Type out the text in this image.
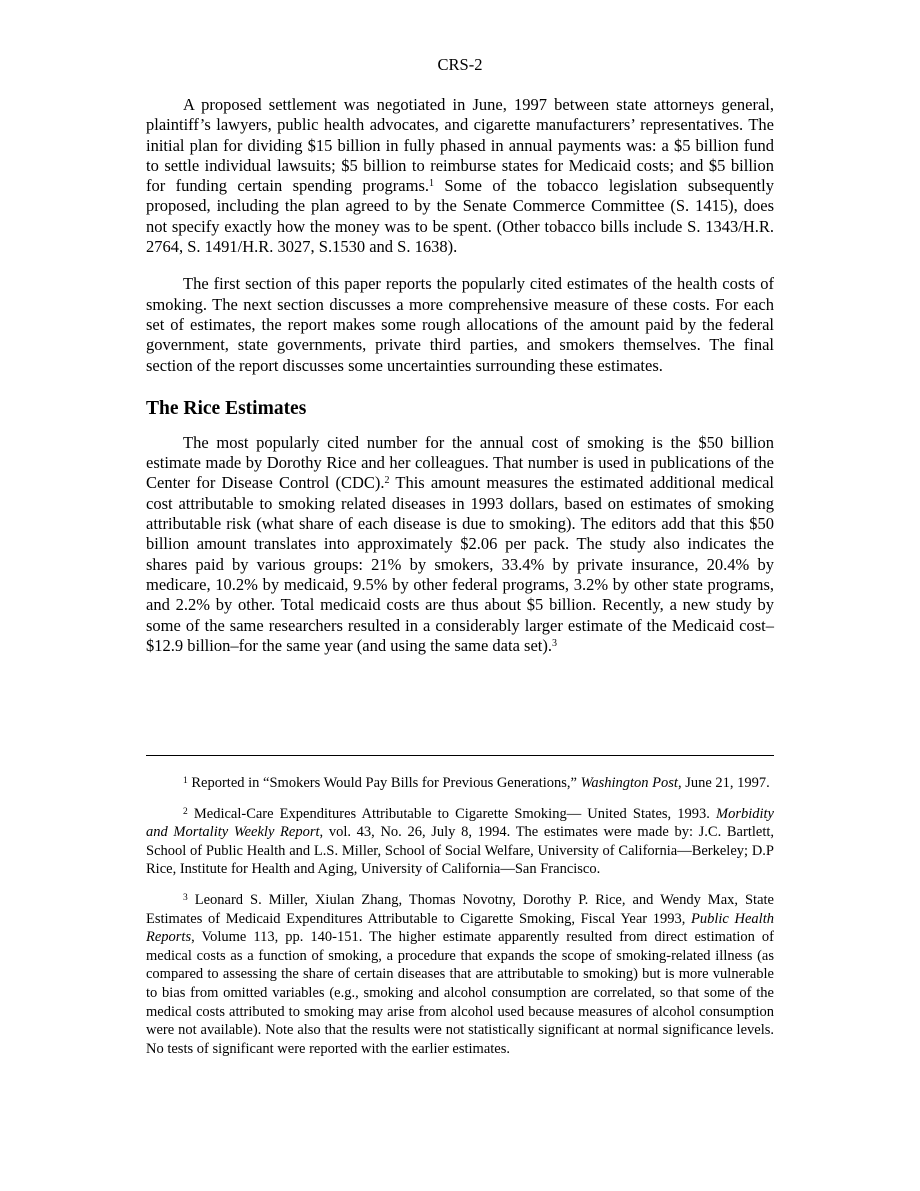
CRS-2

A proposed settlement was negotiated in June, 1997 between state attorneys general, plaintiff’s lawyers, public health advocates, and cigarette manufacturers’ representatives. The initial plan for dividing $15 billion in fully phased in annual payments was: a $5 billion fund to settle individual lawsuits; $5 billion to reimburse states for Medicaid costs; and $5 billion for funding certain spending programs.$^1$ Some of the tobacco legislation subsequently proposed, including the plan agreed to by the Senate Commerce Committee (S. 1415), does not specify exactly how the money was to be spent. (Other tobacco bills include S. 1343/H.R. 2764, S. 1491/H.R. 3027, S.1530 and S. 1638).

The first section of this paper reports the popularly cited estimates of the health costs of smoking. The next section discusses a more comprehensive measure of these costs. For each set of estimates, the report makes some rough allocations of the amount paid by the federal government, state governments, private third parties, and smokers themselves. The final section of the report discusses some uncertainties surrounding these estimates.

The Rice Estimates

The most popularly cited number for the annual cost of smoking is the $50 billion estimate made by Dorothy Rice and her colleagues. That number is used in publications of the Center for Disease Control (CDC).$^2$ This amount measures the estimated additional medical cost attributable to smoking related diseases in 1993 dollars, based on estimates of smoking attributable risk (what share of each disease is due to smoking). The editors add that this $50 billion amount translates into approximately $2.06 per pack. The study also indicates the shares paid by various groups: 21% by smokers, 33.4% by private insurance, 20.4% by medicare, 10.2% by medicaid, 9.5% by other federal programs, 3.2% by other state programs, and 2.2% by other. Total medicaid costs are thus about $5 billion. Recently, a new study by some of the same researchers resulted in a considerably larger estimate of the Medicaid cost–$12.9 billion–for the same year (and using the same data set).$^3$

$^1$ Reported in “Smokers Would Pay Bills for Previous Generations,” Washington Post, June 21, 1997.

$^2$ Medical-Care Expenditures Attributable to Cigarette Smoking— United States, 1993. Morbidity and Mortality Weekly Report, vol. 43, No. 26, July 8, 1994. The estimates were made by: J.C. Bartlett, School of Public Health and L.S. Miller, School of Social Welfare, University of California—Berkeley; D.P Rice, Institute for Health and Aging, University of California—San Francisco.

$^3$ Leonard S. Miller, Xiulan Zhang, Thomas Novotny, Dorothy P. Rice, and Wendy Max, State Estimates of Medicaid Expenditures Attributable to Cigarette Smoking, Fiscal Year 1993, Public Health Reports, Volume 113, pp. 140-151. The higher estimate apparently resulted from direct estimation of medical costs as a function of smoking, a procedure that expands the scope of smoking-related illness (as compared to assessing the share of certain diseases that are attributable to smoking) but is more vulnerable to bias from omitted variables (e.g., smoking and alcohol consumption are correlated, so that some of the medical costs attributed to smoking may arise from alcohol used because measures of alcohol consumption were not available). Note also that the results were not statistically significant at normal significance levels. No tests of significant were reported with the earlier estimates.
